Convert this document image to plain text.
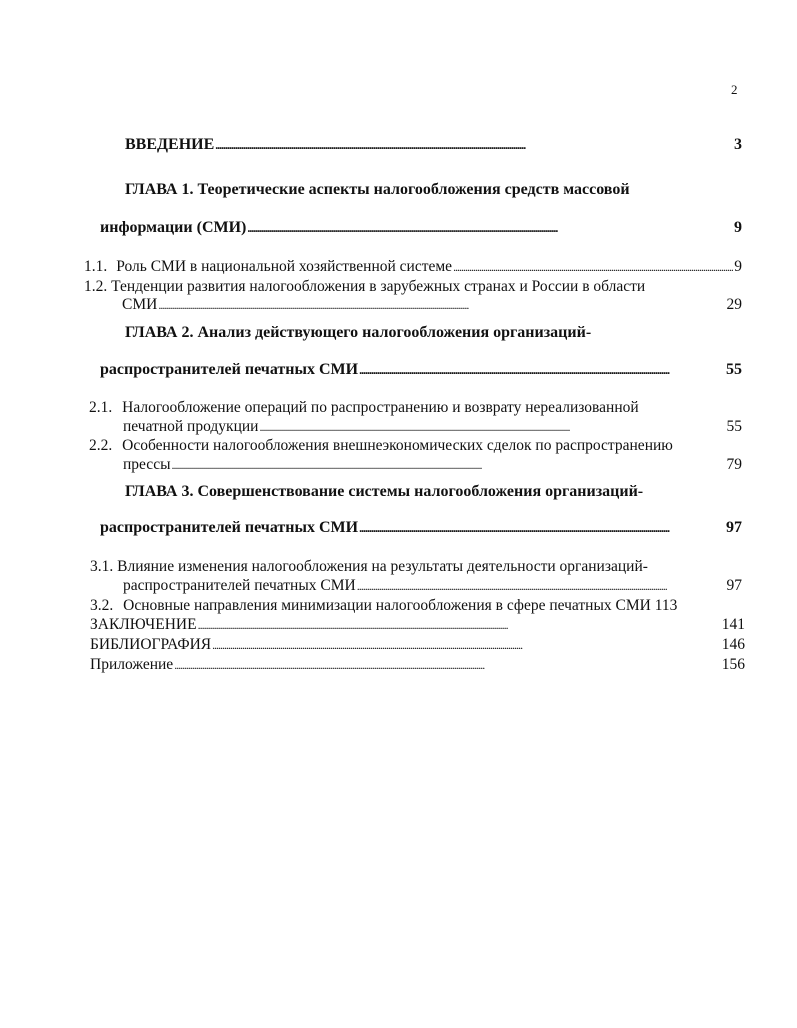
2
ВВЕДЕНИЕ . . .	3
ГЛАВА 1. Теоретические аспекты налогообложения средств массовой
информации (СМИ) . . .	9
1.1. Роль СМИ в национальной хозяйственной системе . . .	9
1.2. Тенденции развития налогообложения в зарубежных странах и России в области
СМИ . . .	29
ГЛАВА 2. Анализ действующего налогообложения организаций-
распространителей печатных СМИ . . .	55
2.1. Налогообложение операций по распространению и возврату нереализованной
печатной продукции . . .	55
2.2. Особенности налогообложения внешнеэкономических сделок по распространению
прессы . . .	79
ГЛАВА 3. Совершенствование системы налогообложения организаций-
распространителей печатных СМИ . . .	97
3.1. Влияние изменения налогообложения на результаты деятельности организаций-
распространителей печатных СМИ . . .	97
3.2. Основные направления минимизации налогообложения в сфере печатных СМИ 113
ЗАКЛЮЧЕНИЕ . . .	141
БИБЛИОГРАФИЯ . . .	146
Приложение . . .	156
